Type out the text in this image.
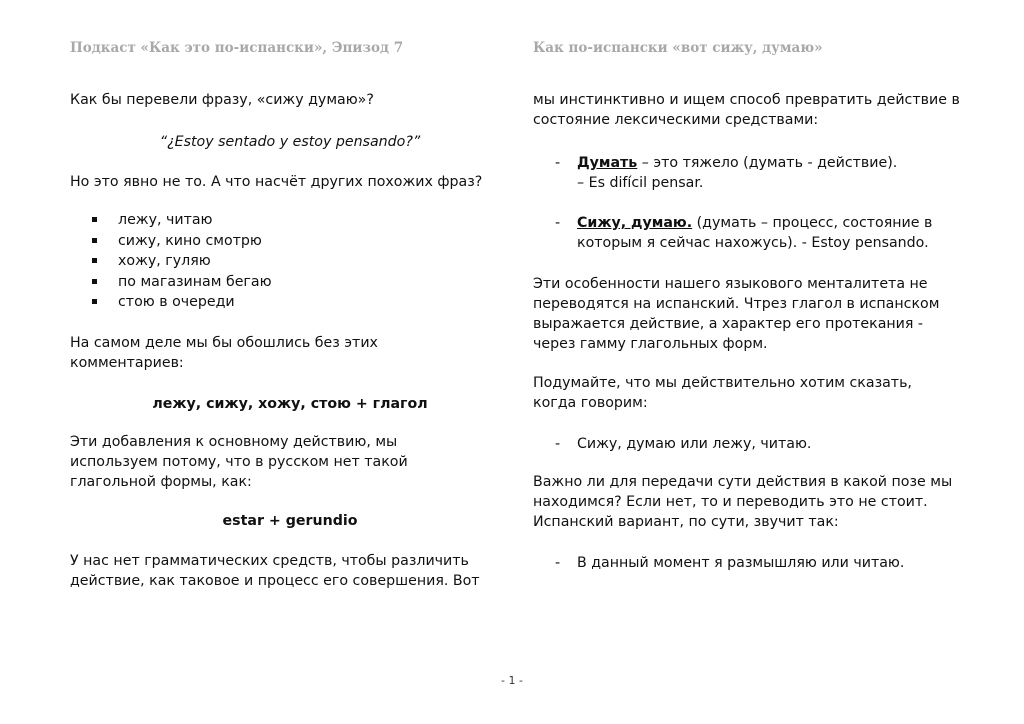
Подкаст «Как это по-испански», Эпизод 7	Как по-испански «вот сижу, думаю»

Как бы перевели фразу, «сижу думаю»?

“¿Estoy sentado y estoy pensando?”

Но это явно не то. А что насчёт других похожих фраз?

лежу, читаю
сижу, кино смотрю
хожу, гуляю
по магазинам бегаю
стою в очереди

На самом деле мы бы обошлись без этих комментариев:

лежу, сижу, хожу, стою + глагол

Эти добавления к основному действию, мы используем потому, что в русском нет такой глагольной формы, как:

estar + gerundio

У нас нет грамматических средств, чтобы различить действие, как таковое и процесс его совершения. Вот

мы инстинктивно и ищем способ превратить действие в состояние лексическими средствами:

- Думать – это тяжело (думать - действие). – Es difícil pensar.
- Сижу, думаю. (думать – процесс, состояние в которым я сейчас нахожусь). - Estoy pensando.

Эти особенности нашего языкового менталитета не переводятся на испанский. Чтрез глагол в испанском выражается действие, а характер его протекания - через гамму глагольных форм.

Подумайте, что мы действительно хотим сказать, когда говорим:

- Сижу, думаю или лежу, читаю.

Важно ли для передачи сути действия в какой позе мы находимся? Если нет, то и переводить это не стоит. Испанский вариант, по сути, звучит так:

- В данный момент я размышляю или читаю.
- 1 -
